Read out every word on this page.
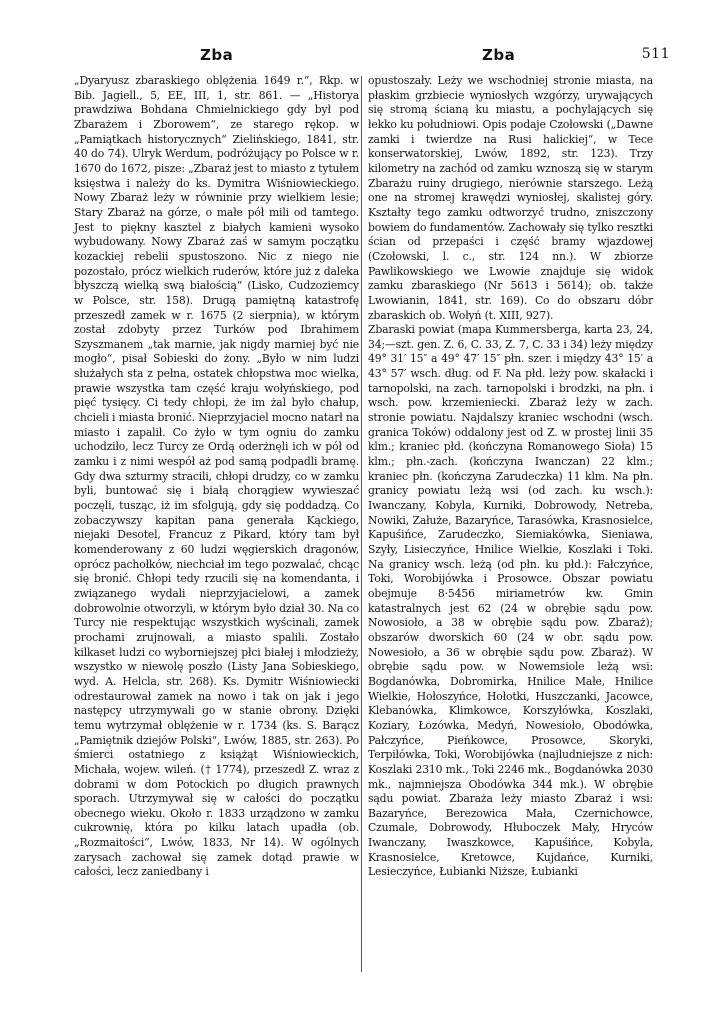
Zba	Zba	511

„Dyaryusz zbaraskiego oblężenia 1649 r.“, Rkp. w Bib. Jagiell., 5, EE, III, 1, str. 861. — „Historya prawdziwa Bohdana Chmielnickiego gdy był pod Zbarażem i Zborowem“, ze starego rękop. w „Pamiątkach historycznych“ Zielińskiego, 1841, str. 40 do 74). Ulryk Werdum, podróżujący po Polsce w r. 1670 do 1672, pisze: „Zbaraż jest to miasto z tytułem księstwa i należy do ks. Dymitra Wiśniowieckiego. Nowy Zbaraż leży w równinie przy wielkiem lesie; Stary Zbaraż na górze, o małe pół mili od tamtego. Jest to piękny kasztel z białych kamieni wysoko wybudowany. Nowy Zbaraż zaś w samym początku kozackiej rebelii spustoszono. Nic z niego nie pozostało, prócz wielkich ruderów, które już z daleka błyszczą wielką swą białością“ (Lisko, Cudzoziemcy w Polsce, str. 158). Drugą pamiętną katastrofę przeszedł zamek w r. 1675 (2 sierpnia), w którym został zdobyty przez Turków pod Ibrahimem Szyszmanem „tak marnie, jak nigdy marniej być nie mogło“, pisał Sobieski do żony. „Było w nim ludzi służałych sta z pełna, ostatek chłopstwa moc wielka, prawie wszystka tam część kraju wołyńskiego, pod pięć tysięcy. Ci tedy chłopi, że im żal było chałup, chcieli i miasta bronić. Nieprzyjaciel mocno natarł na miasto i zapalił. Co żyło w tym ogniu do zamku uchodziło, lecz Turcy ze Ordą oderżnęli ich w pół od zamku i z nimi wespół aż pod samą podpadli bramę. Gdy dwa szturmy stracili, chłopi drudzy, co w zamku byli, buntować się i białą chorągiew wywieszać poczęli, tusząc, iż im sfolgują, gdy się poddadzą. Co zobaczywszy kapitan pana generała Kąckiego, niejaki Desotel, Francuz z Pikard, który tam był komenderowany z 60 ludzi węgierskich dragonów, oprócz pachołków, niechciał im tego pozwalać, chcąc się bronić. Chłopi tedy rzucili się na komendanta, i związanego wydali nieprzyjacielowi, a zamek dobrowolnie otworzyli, w którym było dział 30. Na co Turcy nie respektując wszystkich wyścinali, zamek prochami zrujnowali, a miasto spalili. Zostało kilkaset ludzi co wyborniejszej płci białej i młodzieży, wszystko w niewolę poszło (Listy Jana Sobieskiego, wyd. A. Helcla, str. 268). Ks. Dymitr Wiśniowiecki odrestaurował zamek na nowo i tak on jak i jego następcy utrzymywali go w stanie obrony. Dzięki temu wytrzymał oblężenie w r. 1734 (ks. S. Barącz „Pamiętnik dziejów Polski“, Lwów, 1885, str. 263). Po śmierci ostatniego z książąt Wiśniowieckich, Michała, wojew. wileń. († 1774), przeszedł Z. wraz z dobrami w dom Potockich po długich prawnych sporach. Utrzymywał się w całości do początku obecnego wieku. Około r. 1833 urządzono w zamku cukrownię, która po kilku latach upadła (ob. „Rozmaitości“, Lwów, 1833, Nr 14). W ogólnych zarysach zachował się zamek dotąd prawie w całości, lecz zaniedbany i

opustoszały. Leży we wschodniej stronie miasta, na płaskim grzbiecie wyniosłych wzgórzy, urywających się stromą ścianą ku miastu, a pochylających się łekko ku południowi. Opis podaje Czołowski („Dawne zamki i twierdze na Rusi halickiej“, w Tece konserwatorskiej, Lwów, 1892, str. 123). Trzy kilometry na zachód od zamku wznoszą się w starym Zbarażu ruiny drugiego, nierównie starszego. Leżą one na stromej krawędzi wyniosłej, skalistej góry. Kształty tego zamku odtworzyć trudno, zniszczony bowiem do fundamentów. Zachowały się tylko resztki ścian od przepaści i część bramy wjazdowej (Czołowski, l. c., str. 124 nn.). W zbiorze Pawlikowskiego we Lwowie znajduje się widok zamku zbaraskiego (Nr 5613 i 5614); ob. także Lwowianin, 1841, str. 169). Co do obszaru dóbr zbaraskich ob. Wołyń (t. XIII, 927).

Zbaraski powiat (mapa Kummersberga, karta 23, 24, 34;—szt. gen. Z. 6, C. 33, Z. 7, C. 33 i 34) leży między 49° 31′ 15″ a 49° 47′ 15″ płn. szer. i między 43° 15′ a 43° 57′ wsch. dług. od F. Na płd. leży pow. skałacki i tarnopolski, na zach. tarnopolski i brodzki, na płn. i wsch. pow. krzemieniecki. Zbaraż leży w zach. stronie powiatu. Najdalszy kraniec wschodni (wsch. granica Toków) oddalony jest od Z. w prostej linii 35 klm.; kraniec płd. (kończyna Romanowego Sioła) 15 klm.; płn.-zach. (kończyna Iwanczan) 22 klm.; kraniec płn. (kończyna Zarudeczka) 11 klm. Na płn. granicy powiatu leżą wsi (od zach. ku wsch.): Iwanczany, Kobyla, Kurniki, Dobrowody, Netreba, Nowiki, Załuże, Bazaryńce, Tarasówka, Krasnosielce, Kapuśińce, Zarudeczko, Siemiakówka, Sieniawa, Szyły, Lisieczyńce, Hnilice Wielkie, Koszlaki i Toki. Na granicy wsch. leżą (od płn. ku płd.): Fałczyńce, Toki, Worobijówka i Prosowce. Obszar powiatu obejmuje 8·5456 miriametrów kw. Gmin katastralnych jest 62 (24 w obrębie sądu pow. Nowosioło, a 38 w obrębie sądu pow. Zbaraż); obszarów dworskich 60 (24 w obr. sądu pow. Nowesioło, a 36 w obrębie sądu pow. Zbaraż). W obrębie sądu pow. w Nowemsiole leżą wsi: Bogdanówka, Dobromirka, Hnilice Małe, Hnilice Wielkie, Hołoszyńce, Hołotki, Huszczanki, Jacowce, Klebanówka, Klimkowce, Korszyłówka, Koszlaki, Koziary, Łozówka, Medyń, Nowesioło, Obodówka, Pałczyńce, Pieńkowce, Prosowce, Skoryki, Terpiłówka, Toki, Worobijówka (najludniejsze z nich: Koszlaki 2310 mk., Toki 2246 mk., Bogdanówka 2030 mk., najmniejsza Obodówka 344 mk.). W obrębie sądu powiat. Zbaraża leży miasto Zbaraż i wsi: Bazaryńce, Berezowica Mała, Czernichowce, Czumale, Dobrowody, Hłuboczek Mały, Hryców Iwanczany, Iwaszkowce, Kapuśińce, Kobyla, Krasnosielce, Kretowce, Kujdańce, Kurniki, Lesieczyńce, Łubianki Niższe, Łubianki
